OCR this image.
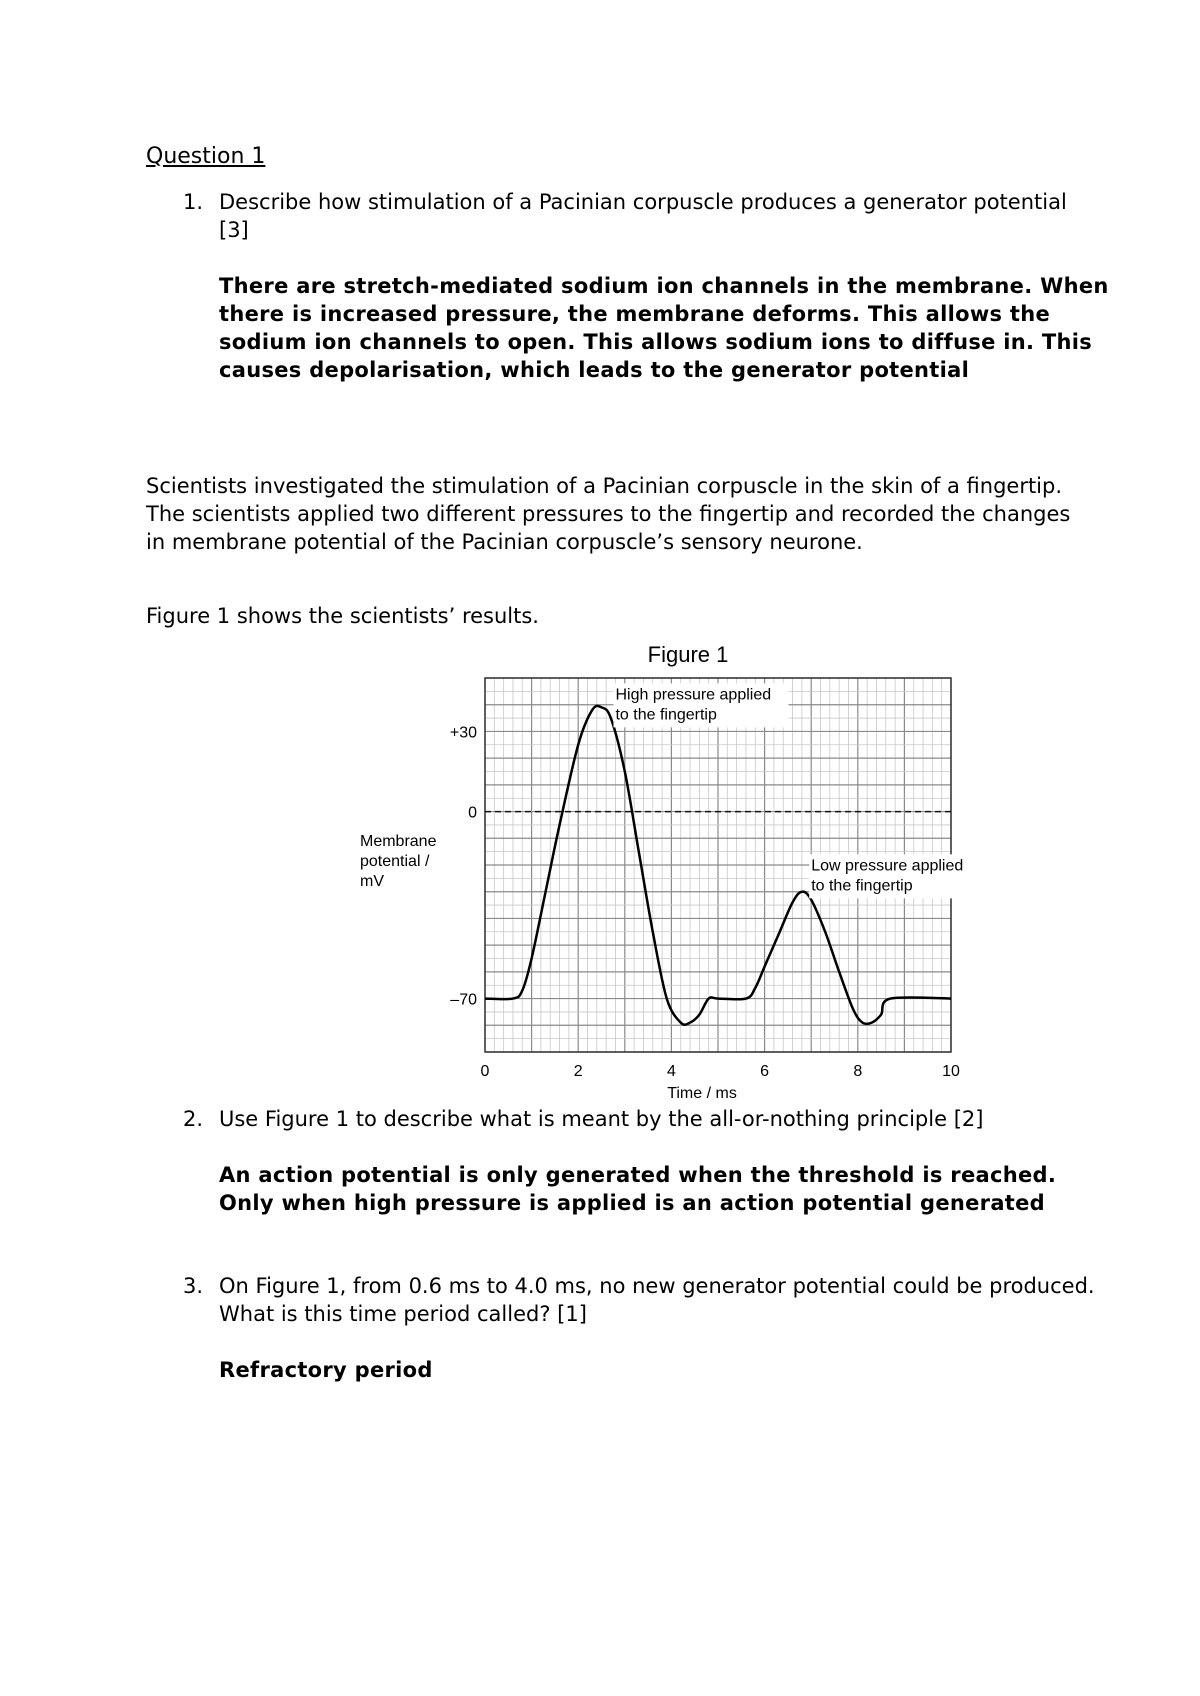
Question 1
1. Describe how stimulation of a Pacinian corpuscle produces a generator potential [3]

There are stretch-mediated sodium ion channels in the membrane. When there is increased pressure, the membrane deforms. This allows the sodium ion channels to open. This allows sodium ions to diffuse in. This causes depolarisation, which leads to the generator potential

Scientists investigated the stimulation of a Pacinian corpuscle in the skin of a fingertip. The scientists applied two different pressures to the fingertip and recorded the changes in membrane potential of the Pacinian corpuscle’s sensory neurone.

Figure 1 shows the scientists’ results.

Figure 1
0	2	4	6	8	10
+30
0
–70
Time / ms
Membrane
potential /
mV
High pressure applied
to the fingertip
Low pressure applied
to the fingertip
2. Use Figure 1 to describe what is meant by the all-or-nothing principle [2]

An action potential is only generated when the threshold is reached. Only when high pressure is applied is an action potential generated

3. On Figure 1, from 0.6 ms to 4.0 ms, no new generator potential could be produced. What is this time period called? [1]

Refractory period
